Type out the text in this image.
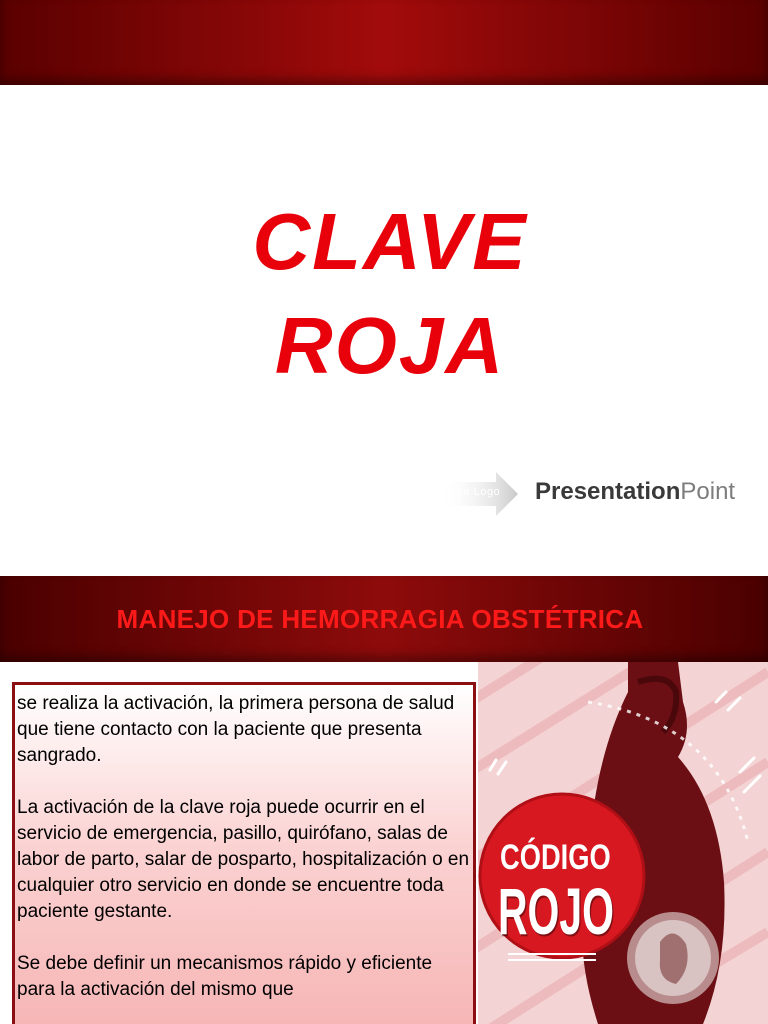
CLAVE
ROJA
Your Logo PresentationPoint
MANEJO DE HEMORRAGIA OBSTÉTRICA

se realiza la activación, la primera persona de salud que tiene contacto con la paciente que presenta sangrado.

La activación de la clave roja puede ocurrir en el servicio de emergencia, pasillo, quirófano, salas de labor de parto, salar de posparto, hospitalización o en cualquier otro servicio en donde se encuentre toda paciente gestante.

Se debe definir un mecanismos rápido y eficiente para la activación del mismo que

CÓDIGO
ROJO
